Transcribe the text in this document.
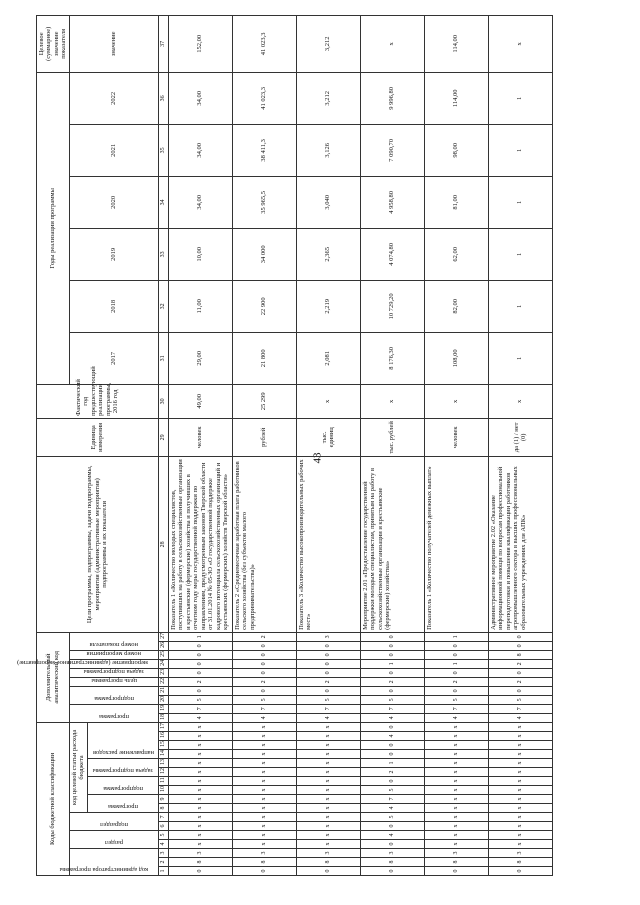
43
Коды бюджетной классификации																	Дополнительный аналитический код										Цели программы, подпрограммы, задачи подпрограммы, мероприятия (административные мероприятия) подпрограммы и их показатели	Единица измерения	Фактический год предшествующий реализации программы, 2016 год	Годы реализации программы						Целевое (суммарное) значение показателя

код администратора программы			раздел		подраздел		код целевой статьи расхода бюджета										программа		подпрограмма		цель программы	задача подпрограммы	мероприятие (административное мероприятие)	номер мероприятия	номер показателя					2017	2018	2019	2020	2021	2022	значение

							программа		подпрограмма		задача подпрограммы		направление расходов																							

1	2	3	4	5	6	7	8	9	10	11	12	13	14	15	16	17	18	19	20	21	22	23	24	25	26	27	28	29	30	31	32	33	34	35	36	37
0	8	3	х	х	х	х	х	х	х	х	х	х	х	х	х	х	4	7	5	0	2	0	0	0	0	1	Показатель 1 «Количество молодых специалистов, поступивших на работу в сельскохозяйственные организации и крестьянские (фермерские) хозяйства и получивших в отчетном году меры государственной поддержки по направлениям, предусмотренным законом Тверской области от 31.01.2014 № 05-ЗО «О государственной поддержке кадрового потенциала сельскохозяйственных организаций и крестьянских (фермерских) хозяйств Тверской области»	человек	49,00	29,00	11,00	10,00	34,00	34,00	34,00	152,00
0	8	3	х	х	х	х	х	х	х	х	х	х	х	х	х	х	4	7	5	0	2	0	0	0	0	2	Показатель 2 «Среднемесячная заработная плата работников сельского хозяйства (без субъектов малого предпринимательства)»	рублей	25 299	21 800	22 900	34 000	35 965,5	38 411,3	41 023,3	41 023,3
0	8	3	х	х	х	х	х	х	х	х	х	х	х	х	х	х	4	7	5	0	2	0	0	0	0	3	Показатель 3 «Количество высокопроизводительных рабочих мест»	тыс. единиц	х	2,081	2,219	2,365	3,040	3,126	3,212	3,212
0	8	3	0	4	0	5	4	7	5	0	2	1	0	0	4	0	4	7	5	0	2	0	1	0	0	0	Мероприятие 2.01 «Предоставление государственной поддержки молодым специалистам, принятым на работу в сельскохозяйственные организации и крестьянские (фермерские) хозяйства»	тыс. рублей	х	8 176,30	10 729,20	4 074,80	4 958,80	7 090,70	9 996,80	х
0	8	3	х	х	х	х	х	х	х	х	х	х	х	х	х	х	4	7	5	0	2	0	1	0	0	1	Показатель 1 «Количество получателей денежных выплат»	человек	х	108,00	82,00	62,00	81,00	98,00	114,00	114,00
0	8	3	х	х	х	х	х	х	х	х	х	х	х	х	х	х	4	7	5	0	2	0	2	8	0	0	Административное мероприятие 2.02 «Оказание информационной помощи по вопросам профессиональной переподготовки и повышения квалификации работников агропромышленного сектора в высших профессиональных образовательных учреждениях для АПК»	да (1) / нет (0)	х	1	1	1	1	1	1	х
